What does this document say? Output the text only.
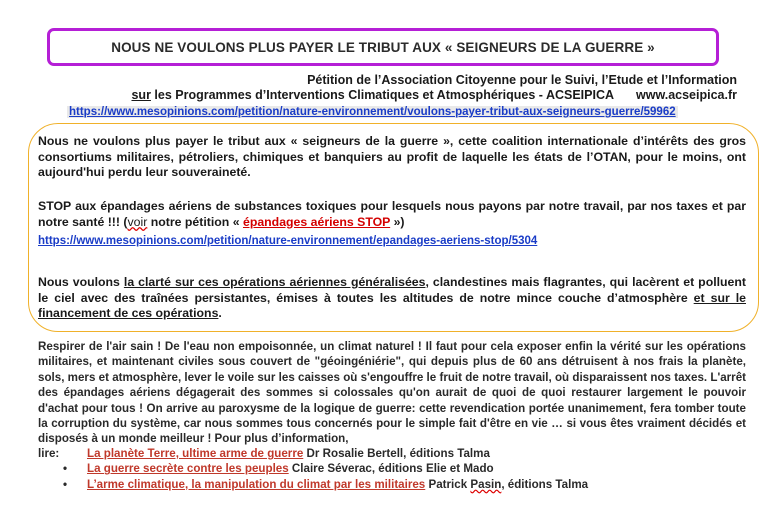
NOUS NE VOULONS PLUS PAYER LE TRIBUT AUX « SEIGNEURS DE LA GUERRE »
Pétition de l’Association Citoyenne pour le Suivi, l’Etude et l’Information
sur les Programmes d’Interventions Climatiques et Atmosphériques - ACSEIPICA www.acseipica.fr
https://www.mesopinions.com/petition/nature-environnement/voulons-payer-tribut-aux-seigneurs-guerre/59962
Nous ne voulons plus payer le tribut aux « seigneurs de la guerre », cette coalition internationale d’intérêts des gros consortiums militaires, pétroliers, chimiques et banquiers au profit de laquelle les états de l’OTAN, pour le moins, ont aujourd'hui perdu leur souveraineté.
STOP aux épandages aériens de substances toxiques pour lesquels nous payons par notre travail, par nos taxes et par notre santé !!! (voir notre pétition « épandages aériens STOP »)
https://www.mesopinions.com/petition/nature-environnement/epandages-aeriens-stop/5304
Nous voulons la clarté sur ces opérations aériennes généralisées, clandestines mais flagrantes, qui lacèrent et polluent le ciel avec des traînées persistantes, émises à toutes les altitudes de notre mince couche d’atmosphère et sur le financement de ces opérations.
Respirer de l'air sain ! De l'eau non empoisonnée, un climat naturel ! Il faut pour cela exposer enfin la vérité sur les opérations militaires, et maintenant civiles sous couvert de "géoingéniérie", qui depuis plus de 60 ans détruisent à nos frais la planète, sols, mers et atmosphère, lever le voile sur les caisses où s'engouffre le fruit de notre travail, où disparaissent nos taxes. L'arrêt des épandages aériens dégagerait des sommes si colossales qu'on aurait de quoi de quoi restaurer largement le pouvoir d'achat pour tous ! On arrive au paroxysme de la logique de guerre: cette revendication portée unanimement, fera tomber toute la corruption du système, car nous sommes tous concernés pour le simple fait d'être en vie … si vous êtes vraiment décidés et disposés à un monde meilleur ! Pour plus d’information,
lire: La planète Terre, ultime arme de guerre Dr Rosalie Bertell, éditions Talma
• La guerre secrète contre les peuples Claire Séverac, éditions Elie et Mado
• L’arme climatique, la manipulation du climat par les militaires Patrick Pasin, éditions Talma
